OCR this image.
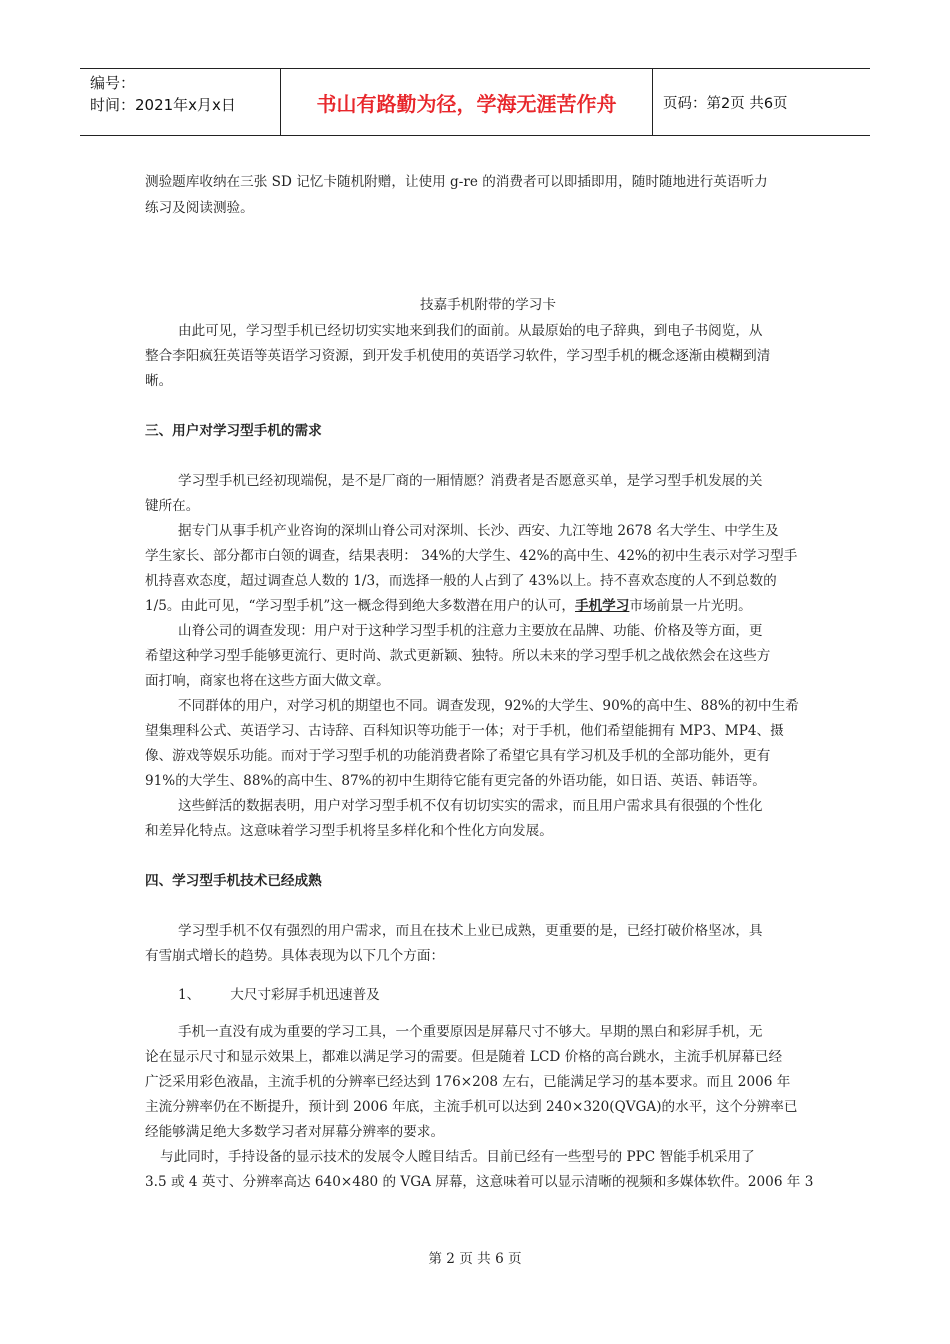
编号：
时间：2021年x月x日	书山有路勤为径，学海无涯苦作舟	页码：第2页 共6页
测验题库收纳在三张 SD 记忆卡随机附赠，让使用 g-re 的消费者可以即插即用，随时随地进行英语听力
练习及阅读测验。
技嘉手机附带的学习卡
由此可见，学习型手机已经切切实实地来到我们的面前。从最原始的电子辞典，到电子书阅览，从
整合李阳疯狂英语等英语学习资源，到开发手机使用的英语学习软件，学习型手机的概念逐渐由模糊到清
晰。
三、用户对学习型手机的需求
学习型手机已经初现端倪，是不是厂商的一厢情愿？消费者是否愿意买单，是学习型手机发展的关
键所在。
据专门从事手机产业咨询的深圳山脊公司对深圳、长沙、西安、九江等地 2678 名大学生、中学生及
学生家长、部分都市白领的调查，结果表明： 34%的大学生、42%的高中生、42%的初中生表示对学习型手
机持喜欢态度，超过调查总人数的 1/3，而选择一般的人占到了 43%以上。持不喜欢态度的人不到总数的
1/5。由此可见，“学习型手机”这一概念得到绝大多数潜在用户的认可，手机学习市场前景一片光明。
山脊公司的调查发现：用户对于这种学习型手机的注意力主要放在品牌、功能、价格及等方面，更
希望这种学习型手能够更流行、更时尚、款式更新颖、独特。所以未来的学习型手机之战依然会在这些方
面打响，商家也将在这些方面大做文章。
不同群体的用户，对学习机的期望也不同。调查发现，92%的大学生、90%的高中生、88%的初中生希
望集理科公式、英语学习、古诗辞、百科知识等功能于一体；对于手机，他们希望能拥有 MP3、MP4、摄
像、游戏等娱乐功能。而对于学习型手机的功能消费者除了希望它具有学习机及手机的全部功能外，更有
91%的大学生、88%的高中生、87%的初中生期待它能有更完备的外语功能，如日语、英语、韩语等。
这些鲜活的数据表明，用户对学习型手机不仅有切切实实的需求，而且用户需求具有很强的个性化
和差异化特点。这意味着学习型手机将呈多样化和个性化方向发展。
四、学习型手机技术已经成熟
学习型手机不仅有强烈的用户需求，而且在技术上业已成熟，更重要的是，已经打破价格坚冰，具
有雪崩式增长的趋势。具体表现为以下几个方面：
1、 大尺寸彩屏手机迅速普及
手机一直没有成为重要的学习工具，一个重要原因是屏幕尺寸不够大。早期的黑白和彩屏手机，无
论在显示尺寸和显示效果上，都难以满足学习的需要。但是随着 LCD 价格的高台跳水，主流手机屏幕已经
广泛采用彩色液晶，主流手机的分辨率已经达到 176×208 左右，已能满足学习的基本要求。而且 2006 年
主流分辨率仍在不断提升，预计到 2006 年底，主流手机可以达到 240×320(QVGA)的水平，这个分辨率已
经能够满足绝大多数学习者对屏幕分辨率的要求。
与此同时，手持设备的显示技术的发展令人瞠目结舌。目前已经有一些型号的 PPC 智能手机采用了
3.5 或 4 英寸、分辨率高达 640×480 的 VGA 屏幕，这意味着可以显示清晰的视频和多媒体软件。2006 年 3
第 2 页 共 6 页
